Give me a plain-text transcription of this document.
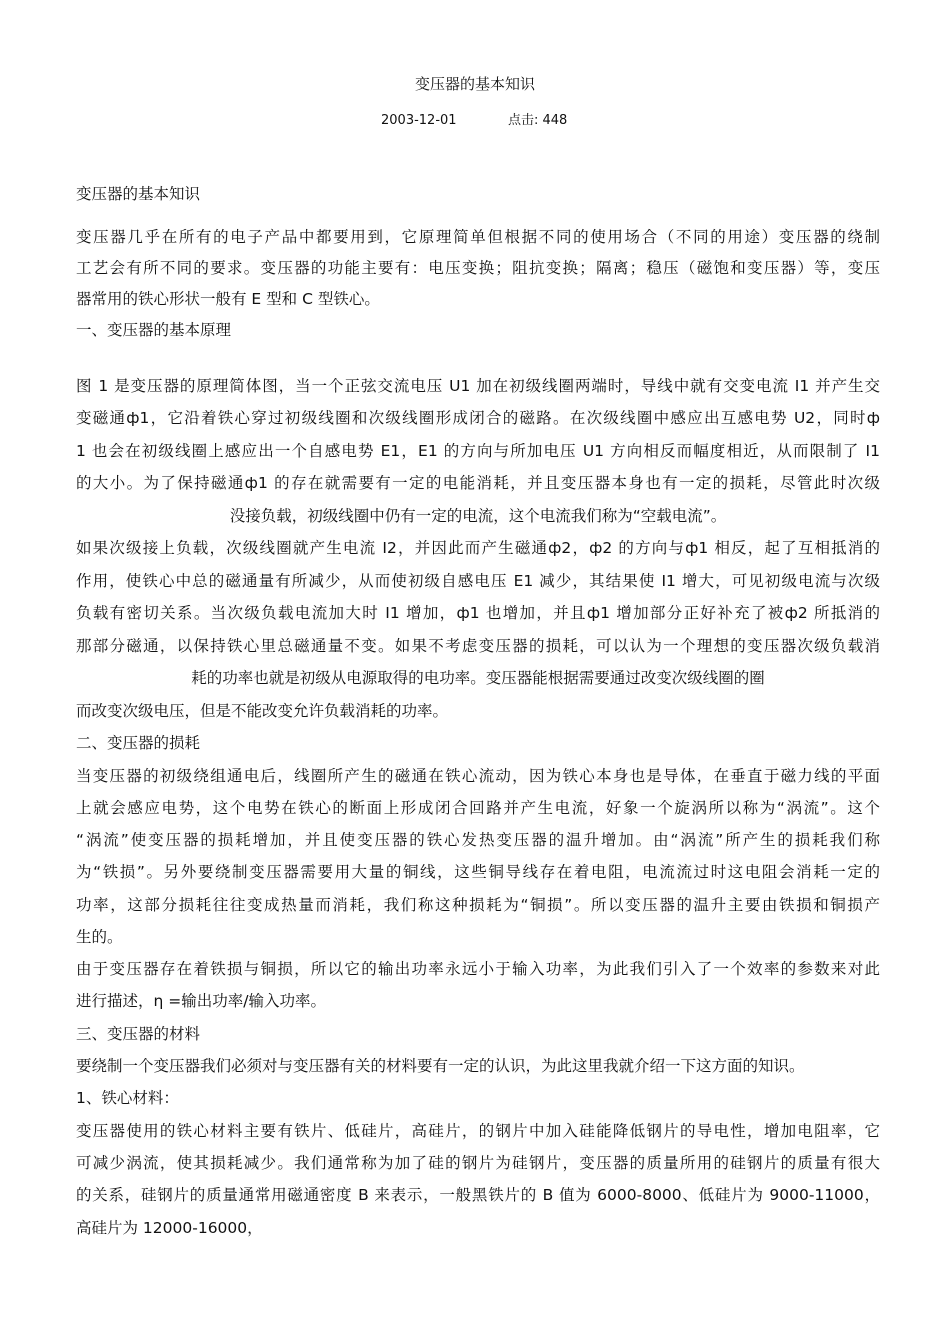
变压器的基本知识
2003-12-01	点击: 448
变压器的基本知识
变压器几乎在所有的电子产品中都要用到，它原理简单但根据不同的使用场合（不同的用途）变压器的绕制
工艺会有所不同的要求。变压器的功能主要有：电压变换；阻抗变换；隔离；稳压（磁饱和变压器）等，变压
器常用的铁心形状一般有 E 型和 C 型铁心。
一、变压器的基本原理
图 1 是变压器的原理简体图，当一个正弦交流电压 U1 加在初级线圈两端时，导线中就有交变电流 I1 并产生交
变磁通ф1，它沿着铁心穿过初级线圈和次级线圈形成闭合的磁路。在次级线圈中感应出互感电势 U2，同时ф
1 也会在初级线圈上感应出一个自感电势 E1，E1 的方向与所加电压 U1 方向相反而幅度相近，从而限制了 I1
的大小。为了保持磁通ф1 的存在就需要有一定的电能消耗，并且变压器本身也有一定的损耗，尽管此时次级
没接负载，初级线圈中仍有一定的电流，这个电流我们称为“空载电流”。
如果次级接上负载，次级线圈就产生电流 I2，并因此而产生磁通ф2，ф2 的方向与ф1 相反，起了互相抵消的
作用，使铁心中总的磁通量有所减少，从而使初级自感电压 E1 减少，其结果使 I1 增大，可见初级电流与次级
负载有密切关系。当次级负载电流加大时 I1 增加，ф1 也增加，并且ф1 增加部分正好补充了被ф2 所抵消的
那部分磁通，以保持铁心里总磁通量不变。如果不考虑变压器的损耗，可以认为一个理想的变压器次级负载消
耗的功率也就是初级从电源取得的电功率。变压器能根据需要通过改变次级线圈的圈
而改变次级电压，但是不能改变允许负载消耗的功率。
二、变压器的损耗
当变压器的初级绕组通电后，线圈所产生的磁通在铁心流动，因为铁心本身也是导体，在垂直于磁力线的平面
上就会感应电势，这个电势在铁心的断面上形成闭合回路并产生电流，好象一个旋涡所以称为“涡流”。这个
“涡流”使变压器的损耗增加，并且使变压器的铁心发热变压器的温升增加。由“涡流”所产生的损耗我们称
为“铁损”。另外要绕制变压器需要用大量的铜线，这些铜导线存在着电阻，电流流过时这电阻会消耗一定的
功率，这部分损耗往往变成热量而消耗，我们称这种损耗为“铜损”。所以变压器的温升主要由铁损和铜损产
生的。
由于变压器存在着铁损与铜损，所以它的输出功率永远小于输入功率，为此我们引入了一个效率的参数来对此
进行描述，η =输出功率/输入功率。
三、变压器的材料
要绕制一个变压器我们必须对与变压器有关的材料要有一定的认识，为此这里我就介绍一下这方面的知识。
1、铁心材料：
变压器使用的铁心材料主要有铁片、低硅片，高硅片，的钢片中加入硅能降低钢片的导电性，增加电阻率，它
可减少涡流，使其损耗减少。我们通常称为加了硅的钢片为硅钢片，变压器的质量所用的硅钢片的质量有很大
的关系，硅钢片的质量通常用磁通密度 B 来表示，一般黑铁片的 B 值为 6000-8000、低硅片为 9000-11000，
高硅片为 12000-16000，
